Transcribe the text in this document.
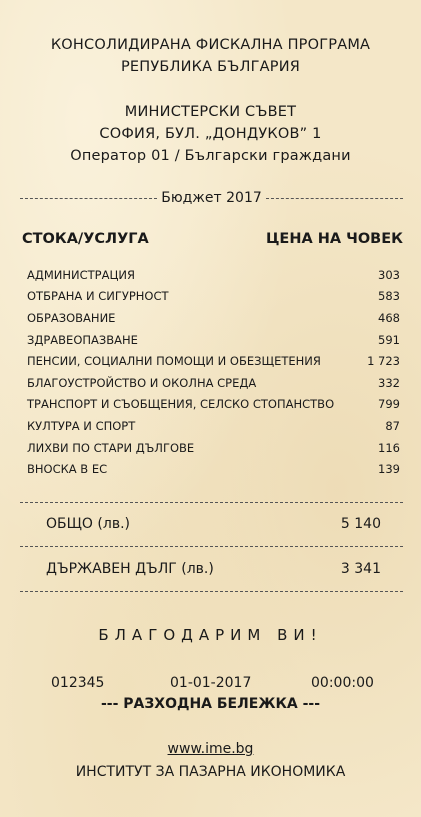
КОНСОЛИДИРАНА ФИСКАЛНА ПРОГРАМА
РЕПУБЛИКА БЪЛГАРИЯ
МИНИСТЕРСКИ СЪВЕТ
СОФИЯ, БУЛ. „ДОНДУКОВ” 1
Оператор 01 / Български граждани
Бюджет 2017
СТОКА/УСЛУГА	ЦЕНА НА ЧОВЕК
АДМИНИСТРАЦИЯ	303
ОТБРАНА И СИГУРНОСТ	583
ОБРАЗОВАНИЕ	468
ЗДРАВЕОПАЗВАНЕ	591
ПЕНСИИ, СОЦИАЛНИ ПОМОЩИ И ОБЕЗЩЕТЕНИЯ	1 723
БЛАГОУСТРОЙСТВО И ОКОЛНА СРЕДА	332
ТРАНСПОРТ И СЪОБЩЕНИЯ, СЕЛСКО СТОПАНСТВО	799
КУЛТУРА И СПОРТ	87
ЛИХВИ ПО СТАРИ ДЪЛГОВЕ	116
ВНОСКА В ЕС	139
ОБЩО (лв.)	5 140
ДЪРЖАВЕН ДЪЛГ (лв.)	3 341
БЛАГОДАРИМ ВИ!
012345	01-01-2017	00:00:00
--- РАЗХОДНА БЕЛЕЖКА ---
www.ime.bg
ИНСТИТУТ ЗА ПАЗАРНА ИКОНОМИКА
